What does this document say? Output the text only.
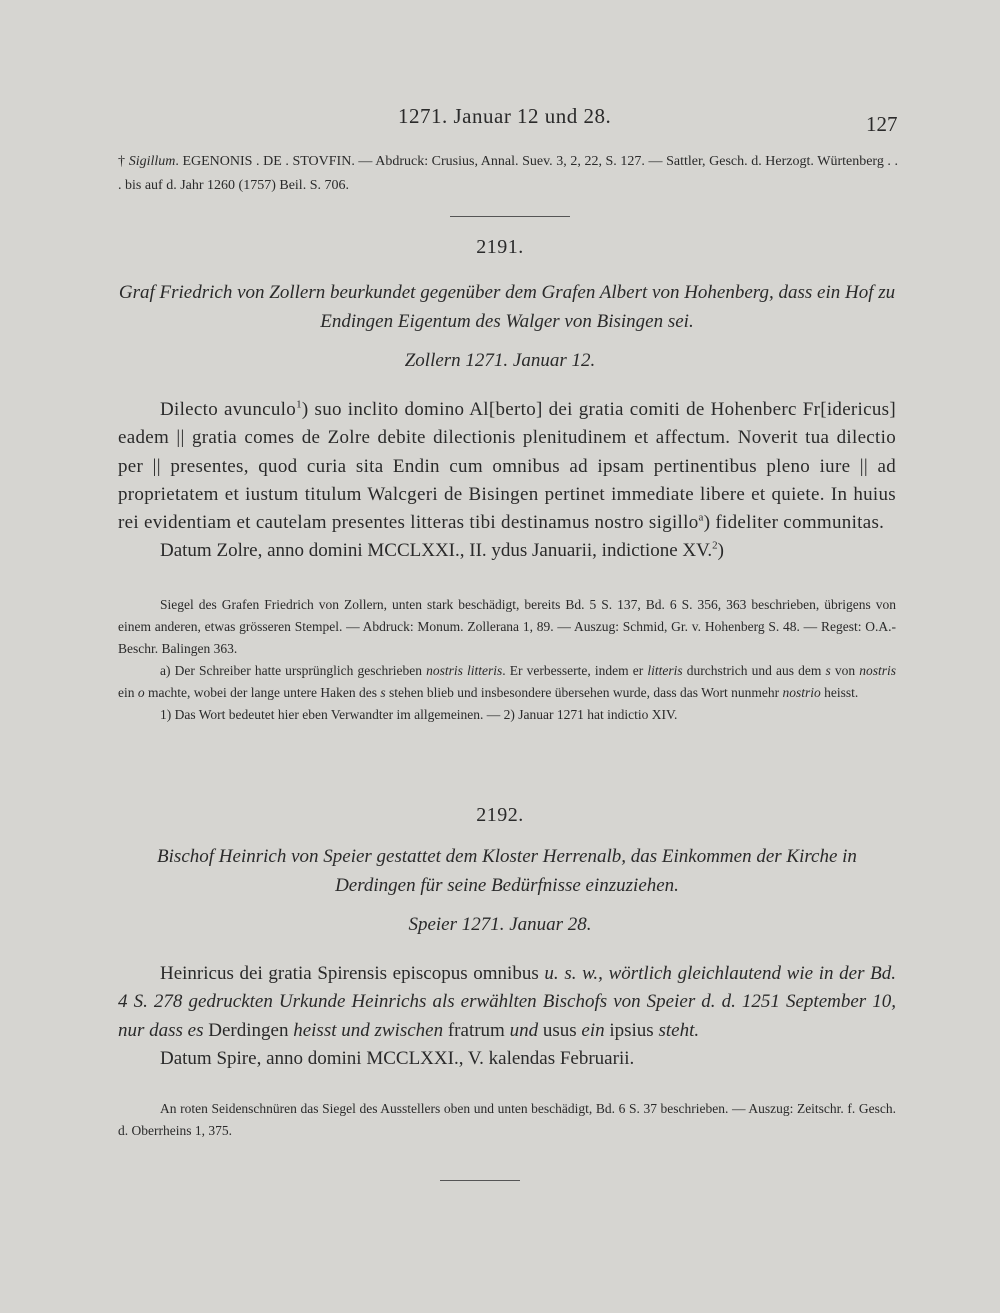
1271. Januar 12 und 28.	127
† Sigillum. EGENONIS . DE . STOVFIN. — Abdruck: Crusius, Annal. Suev. 3, 2, 22, S. 127. — Sattler, Gesch. d. Herzogt. Würtenberg . . . bis auf d. Jahr 1260 (1757) Beil. S. 706.
2191.
Graf Friedrich von Zollern beurkundet gegenüber dem Grafen Albert von Hohenberg, dass ein Hof zu Endingen Eigentum des Walger von Bisingen sei.
Zollern 1271. Januar 12.

Dilecto avunculo$^1$) suo inclito domino Al[berto] dei gratia comiti de Hohenberc Fr[idericus] eadem || gratia comes de Zolre debite dilectionis plenitudinem et affectum. Noverit tua dilectio per || presentes, quod curia sita Endin cum omnibus ad ipsam pertinentibus pleno iure || ad proprietatem et iustum titulum Walcgeri de Bisingen pertinet immediate libere et quiete. In huius rei evidentiam et cautelam presentes litteras tibi destinamus nostro sigillo$^a$) fideliter communitas.

Datum Zolre, anno domini MCCLXXI., II. ydus Januarii, indictione XV.$^2$)

Siegel des Grafen Friedrich von Zollern, unten stark beschädigt, bereits Bd. 5 S. 137, Bd. 6 S. 356, 363 beschrieben, übrigens von einem anderen, etwas grösseren Stempel. — Abdruck: Monum. Zollerana 1, 89. — Auszug: Schmid, Gr. v. Hohenberg S. 48. — Regest: O.A.-Beschr. Balingen 363.

a) Der Schreiber hatte ursprünglich geschrieben nostris litteris. Er verbesserte, indem er litteris durchstrich und aus dem s von nostris ein o machte, wobei der lange untere Haken des s stehen blieb und insbesondere übersehen wurde, dass das Wort nunmehr nostrio heisst.

1) Das Wort bedeutet hier eben Verwandter im allgemeinen. — 2) Januar 1271 hat indictio XIV.

2192.
Bischof Heinrich von Speier gestattet dem Kloster Herrenalb, das Einkommen der Kirche in Derdingen für seine Bedürfnisse einzuziehen.
Speier 1271. Januar 28.

Heinricus dei gratia Spirensis episcopus omnibus u. s. w., wörtlich gleichlautend wie in der Bd. 4 S. 278 gedruckten Urkunde Heinrichs als erwählten Bischofs von Speier d. d. 1251 September 10, nur dass es Derdingen heisst und zwischen fratrum und usus ein ipsius steht.

Datum Spire, anno domini MCCLXXI., V. kalendas Februarii.

An roten Seidenschnüren das Siegel des Ausstellers oben und unten beschädigt, Bd. 6 S. 37 beschrieben. — Auszug: Zeitschr. f. Gesch. d. Oberrheins 1, 375.
